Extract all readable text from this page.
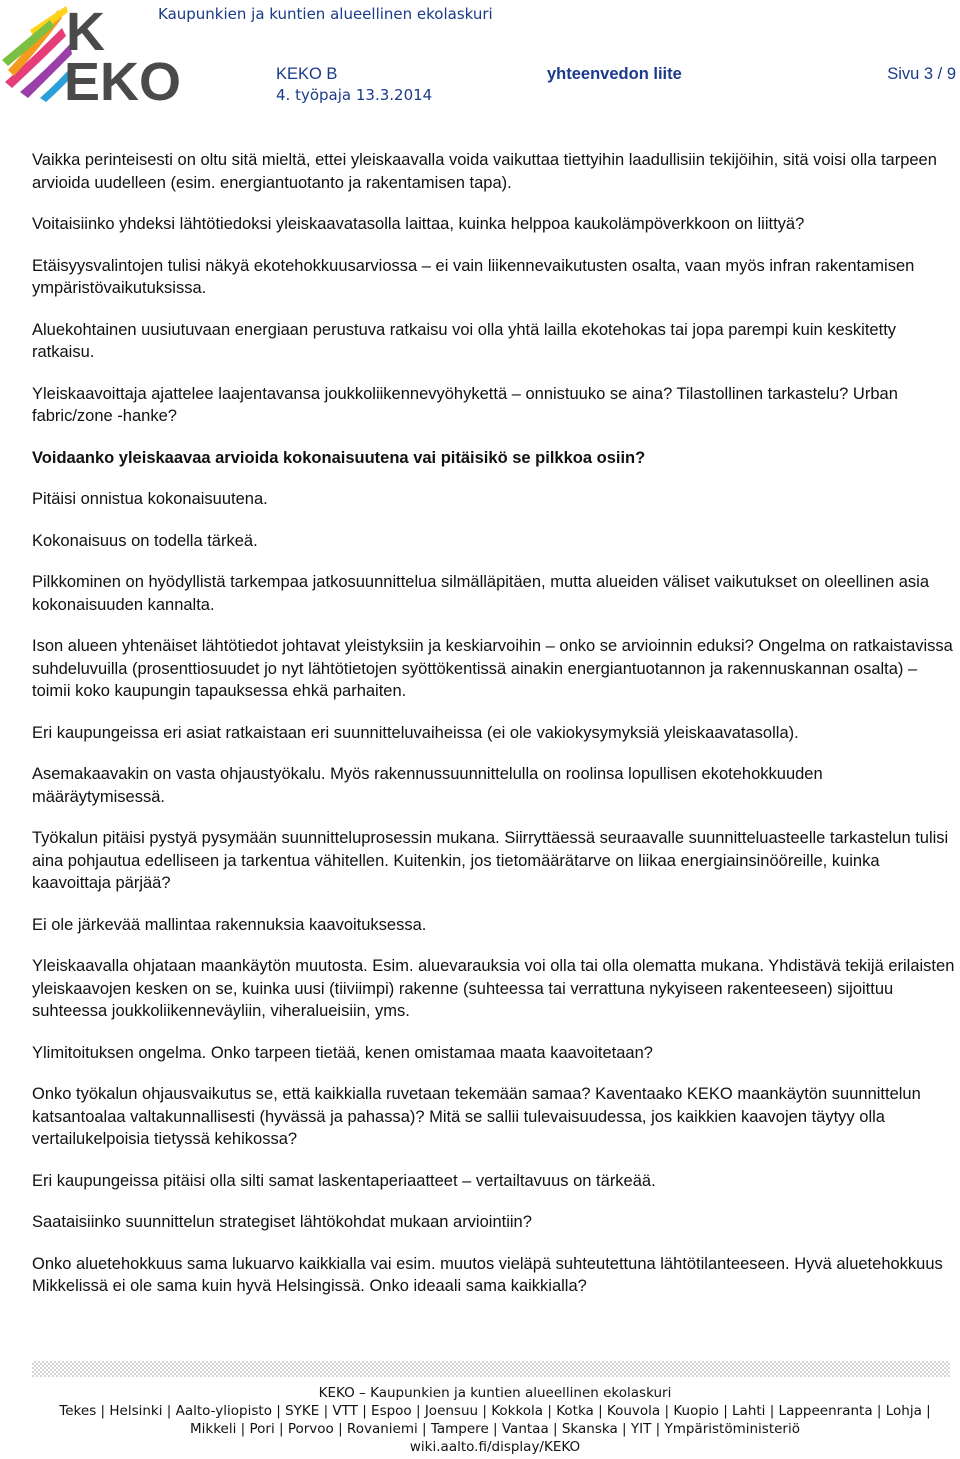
K
EKO
Kaupunkien ja kuntien alueellinen ekolaskuri
KEKO B	yhteenvedon liite	Sivu 3 / 9
4. työpaja 13.3.2014

Vaikka perinteisesti on oltu sitä mieltä, ettei yleiskaavalla voida vaikuttaa tiettyihin laadullisiin tekijöihin, sitä voisi olla tarpeen arvioida uudelleen (esim. energiantuotanto ja rakentamisen tapa).

Voitaisiinko yhdeksi lähtötiedoksi yleiskaavatasolla laittaa, kuinka helppoa kaukolämpöverkkoon on liittyä?

Etäisyysvalintojen tulisi näkyä ekotehokkuusarviossa – ei vain liikennevaikutusten osalta, vaan myös infran rakentamisen ympäristövaikutuksissa.

Aluekohtainen uusiutuvaan energiaan perustuva ratkaisu voi olla yhtä lailla ekotehokas tai jopa parempi kuin keskitetty ratkaisu.

Yleiskaavoittaja ajattelee laajentavansa joukkoliikennevyöhykettä – onnistuuko se aina? Tilastollinen tarkastelu? Urban fabric/zone -hanke?

Voidaanko yleiskaavaa arvioida kokonaisuutena vai pitäisikö se pilkkoa osiin?

Pitäisi onnistua kokonaisuutena.

Kokonaisuus on todella tärkeä.

Pilkkominen on hyödyllistä tarkempaa jatkosuunnittelua silmälläpitäen, mutta alueiden väliset vaikutukset on oleellinen asia kokonaisuuden kannalta.

Ison alueen yhtenäiset lähtötiedot johtavat yleistyksiin ja keskiarvoihin – onko se arvioinnin eduksi? Ongelma on ratkaistavissa suhdeluvuilla (prosenttiosuudet jo nyt lähtötietojen syöttökentissä ainakin energiantuotannon ja rakennuskannan osalta) – toimii koko kaupungin tapauksessa ehkä parhaiten.

Eri kaupungeissa eri asiat ratkaistaan eri suunnitteluvaiheissa (ei ole vakiokysymyksiä yleiskaavatasolla).

Asemakaavakin on vasta ohjaustyökalu. Myös rakennussuunnittelulla on roolinsa lopullisen ekotehokkuuden määräytymisessä.

Työkalun pitäisi pystyä pysymään suunnitteluprosessin mukana. Siirryttäessä seuraavalle suunnitteluasteelle tarkastelun tulisi aina pohjautua edelliseen ja tarkentua vähitellen. Kuitenkin, jos tietomäärätarve on liikaa energiainsinööreille, kuinka kaavoittaja pärjää?

Ei ole järkevää mallintaa rakennuksia kaavoituksessa.

Yleiskaavalla ohjataan maankäytön muutosta. Esim. aluevarauksia voi olla tai olla olematta mukana. Yhdistävä tekijä erilaisten yleiskaavojen kesken on se, kuinka uusi (tiiviimpi) rakenne (suhteessa tai verrattuna nykyiseen rakenteeseen) sijoittuu suhteessa joukkoliikenneväyliin, viheralueisiin, yms.

Ylimitoituksen ongelma. Onko tarpeen tietää, kenen omistamaa maata kaavoitetaan?

Onko työkalun ohjausvaikutus se, että kaikkialla ruvetaan tekemään samaa? Kaventaako KEKO maankäytön suunnittelun katsantoalaa valtakunnallisesti (hyvässä ja pahassa)? Mitä se sallii tulevaisuudessa, jos kaikkien kaavojen täytyy olla vertailukelpoisia tietyssä kehikossa?

Eri kaupungeissa pitäisi olla silti samat laskentaperiaatteet – vertailtavuus on tärkeää.

Saataisiinko suunnittelun strategiset lähtökohdat mukaan arviointiin?

Onko aluetehokkuus sama lukuarvo kaikkialla vai esim. muutos vieläpä suhteutettuna lähtötilanteeseen. Hyvä aluetehokkuus Mikkelissä ei ole sama kuin hyvä Helsingissä. Onko ideaali sama kaikkialla?

KEKO – Kaupunkien ja kuntien alueellinen ekolaskuri
Tekes | Helsinki | Aalto-yliopisto | SYKE | VTT | Espoo | Joensuu | Kokkola | Kotka | Kouvola | Kuopio | Lahti | Lappeenranta | Lohja |
Mikkeli | Pori | Porvoo | Rovaniemi | Tampere | Vantaa | Skanska | YIT | Ympäristöministeriö
wiki.aalto.fi/display/KEKO
